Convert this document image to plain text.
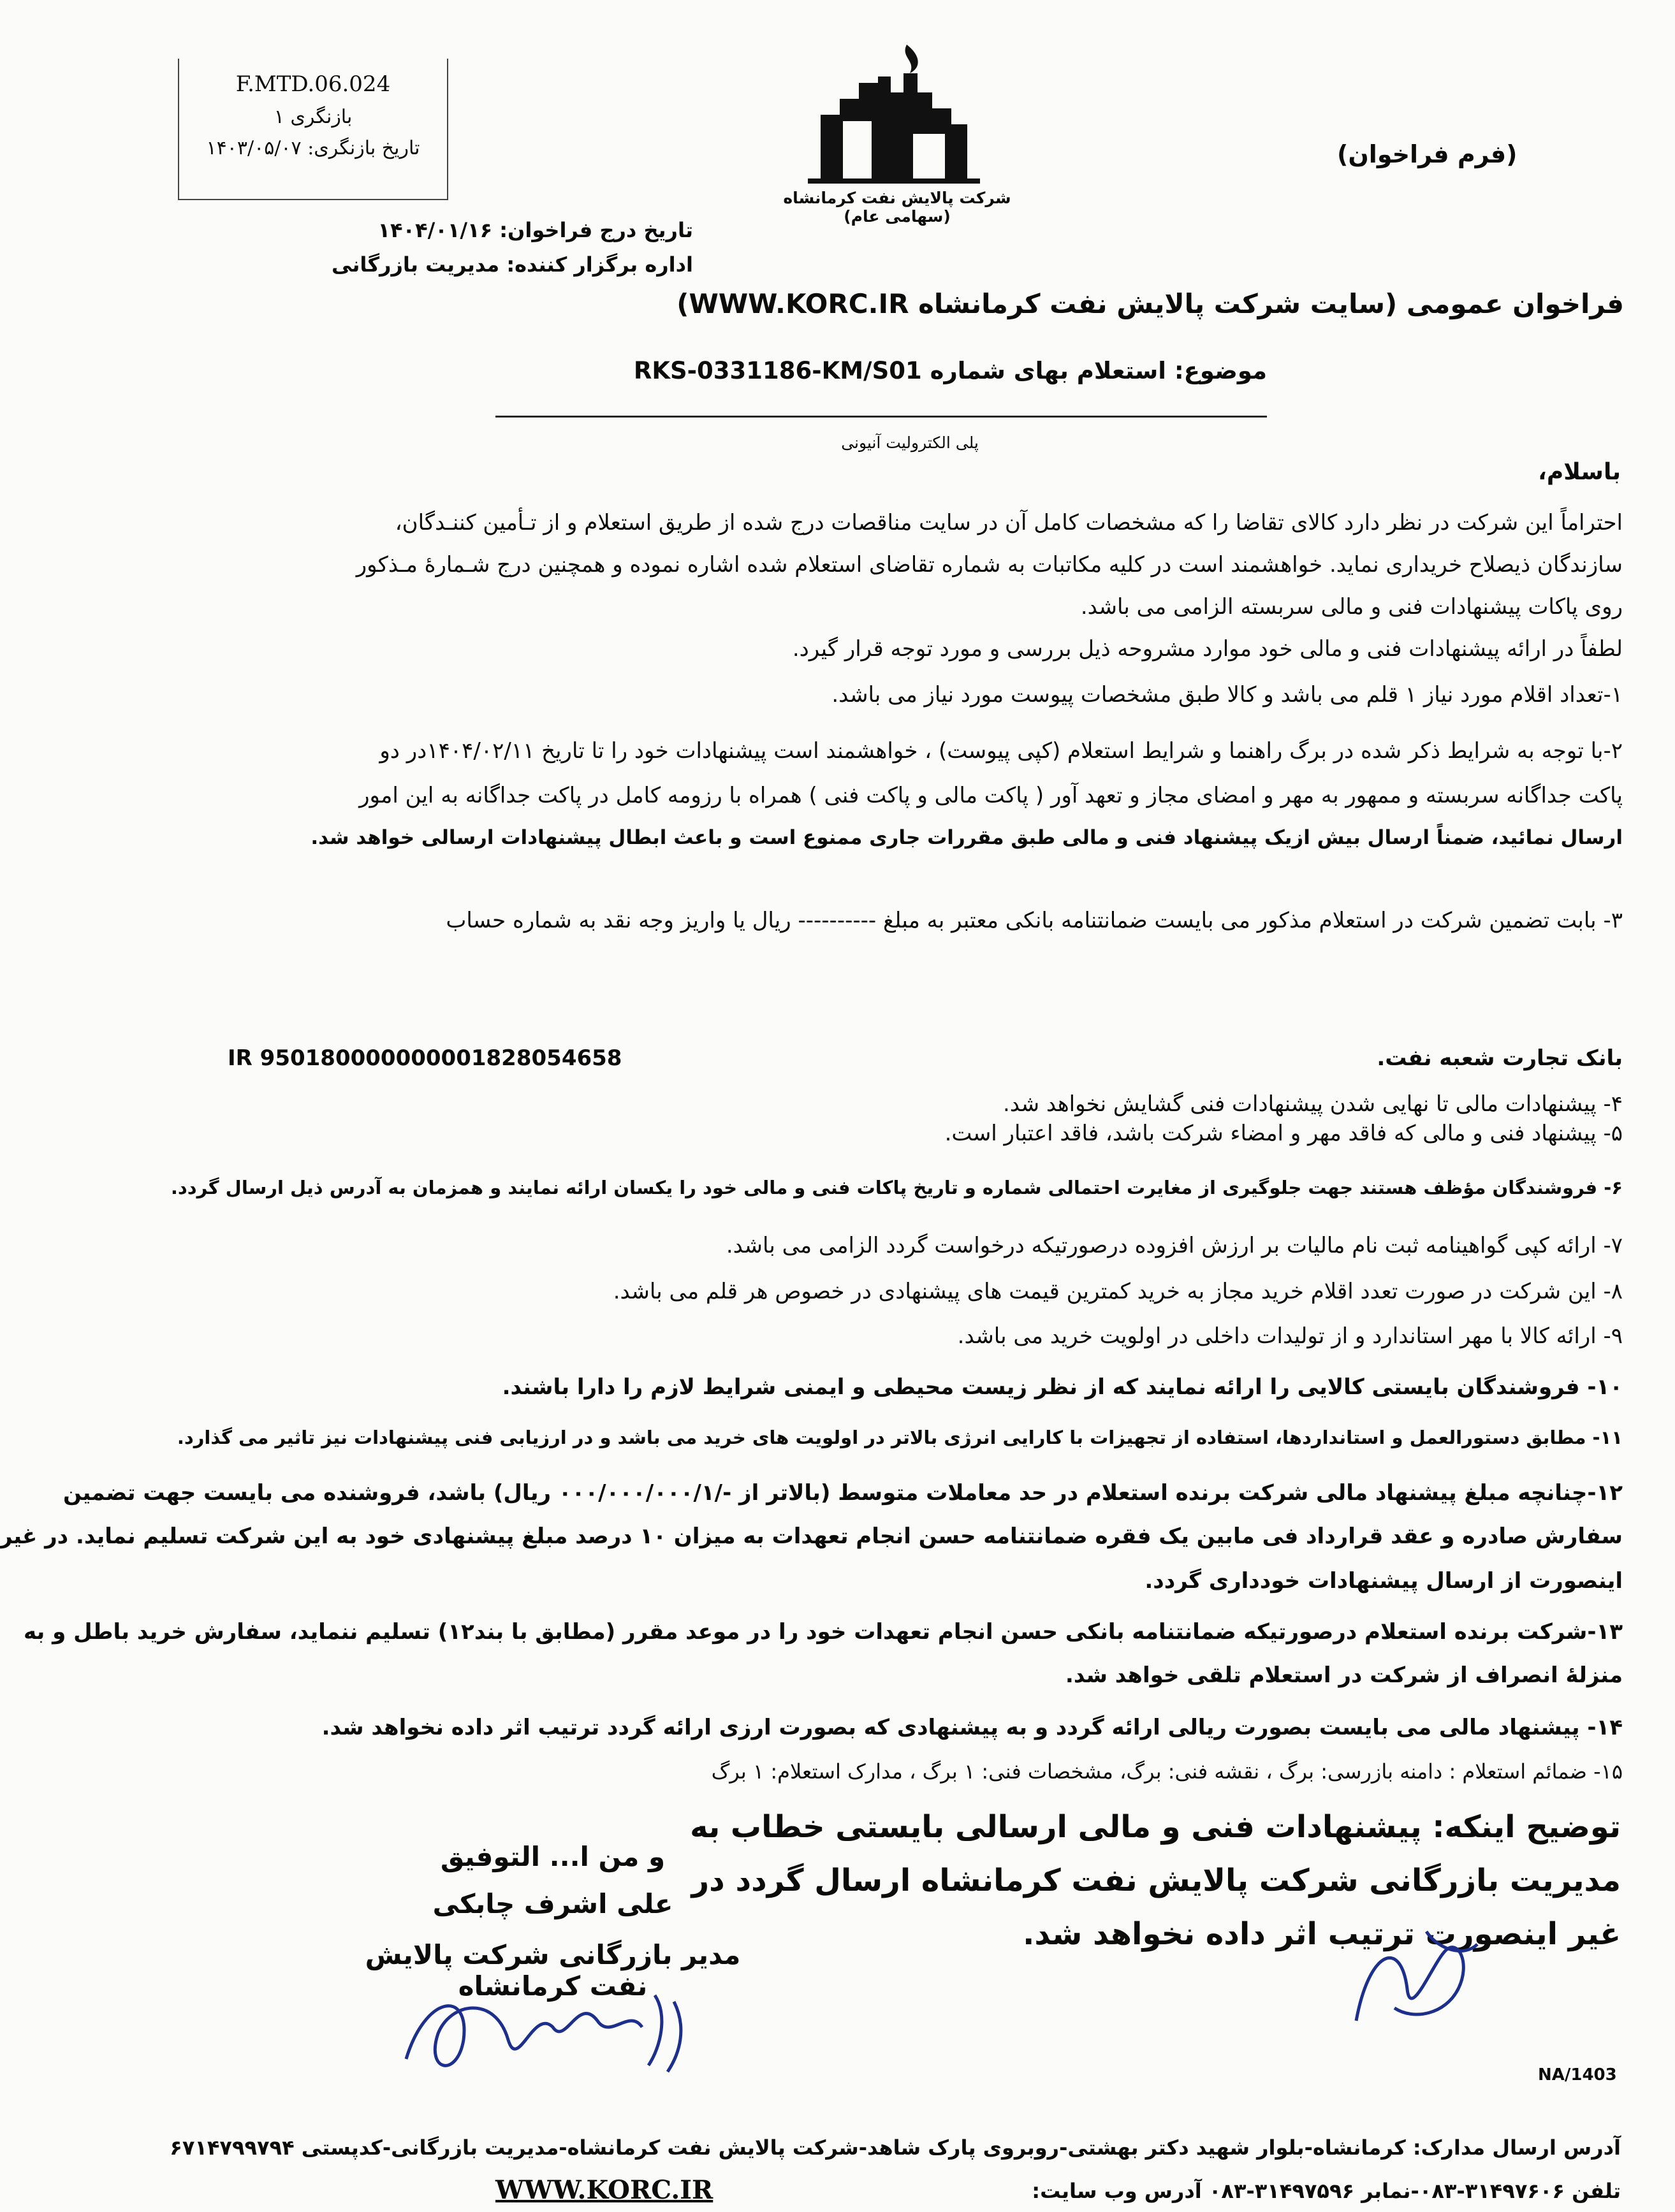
F.MTD.06.024
بازنگری ۱
تاریخ بازنگری: ۱۴۰۳/۰۵/۰۷
شرکت پالایش نفت کرمانشاه (سهامی عام)
(فرم فراخوان)
تاریخ درج فراخوان: ۱۴۰۴/۰۱/۱۶
اداره برگزار کننده: مدیریت بازرگانی
فراخوان عمومی (سایت شرکت پالایش نفت کرمانشاه WWW.KORC.IR)
موضوع: استعلام بهای شماره RKS-0331186-KM/S01
پلی الکترولیت آنیونی
باسلام،
احتراماً این شرکت در نظر دارد کالای تقاضا را که مشخصات کامل آن در سایت مناقصات درج شده از طریق استعلام و از تـأمین کننـدگان،
سازندگان ذیصلاح خریداری نماید. خواهشمند است در کلیه مکاتبات به شماره تقاضای استعلام شده اشاره نموده و همچنین درج شـمارۀ مـذکور
روی پاکات پیشنهادات فنی و مالی سربسته الزامی می باشد.
لطفاً در ارائه پیشنهادات فنی و مالی خود موارد مشروحه ذیل بررسی و مورد توجه قرار گیرد.
۱-تعداد اقلام مورد نیاز ۱ قلم می باشد و کالا طبق مشخصات پیوست مورد نیاز می باشد.
۲-با توجه به شرایط ذکر شده در برگ راهنما و شرایط استعلام (کپی پیوست) ، خواهشمند است پیشنهادات خود را تا تاریخ ۱۴۰۴/۰۲/۱۱در دو
پاکت جداگانه سربسته و ممهور به مهر و امضای مجاز و تعهد آور ( پاکت مالی و پاکت فنی ) همراه با رزومه کامل در پاکت جداگانه به این امور
ارسال نمائید، ضمناً ارسال بیش ازیک پیشنهاد فنی و مالی طبق مقررات جاری ممنوع است و باعث ابطال پیشنهادات ارسالی خواهد شد.
۳- بابت تضمین شرکت در استعلام مذکور می بایست ضمانتنامه بانکی معتبر به مبلغ ---------- ریال یا واریز وجه نقد به شماره حساب
IR 950180000000001828054658	بانک تجارت شعبه نفت.
۴- پیشنهادات مالی تا نهایی شدن پیشنهادات فنی گشایش نخواهد شد.
۵- پیشنهاد فنی و مالی که فاقد مهر و امضاء شرکت باشد، فاقد اعتبار است.
۶- فروشندگان مؤظف هستند جهت جلوگیری از مغایرت احتمالی شماره و تاریخ پاکات فنی و مالی خود را یکسان ارائه نمایند و همزمان به آدرس ذیل ارسال گردد.
۷- ارائه کپی گواهینامه ثبت نام مالیات بر ارزش افزوده درصورتیکه درخواست گردد الزامی می باشد.
۸- این شرکت در صورت تعدد اقلام خرید مجاز به خرید کمترین قیمت های پیشنهادی در خصوص هر قلم می باشد.
۹- ارائه کالا با مهر استاندارد و از تولیدات داخلی در اولویت خرید می باشد.
۱۰- فروشندگان بایستی کالایی را ارائه نمایند که از نظر زیست محیطی و ایمنی شرایط لازم را دارا باشند.
۱۱- مطابق دستورالعمل و استانداردها، استفاده از تجهیزات با کارایی انرژی بالاتر در اولویت های خرید می باشد و در ارزیابی فنی پیشنهادات نیز تاثیر می گذارد.
۱۲-چنانچه مبلغ پیشنهاد مالی شرکت برنده استعلام در حد معاملات متوسط (بالاتر از -/۰۰۰/۰۰۰/۰۰۰/۱ ریال) باشد، فروشنده می بایست جهت تضمین
سفارش صادره و عقد قرارداد فی مابین یک فقره ضمانتنامه حسن انجام تعهدات به میزان ۱۰ درصد مبلغ پیشنهادی خود به این شرکت تسلیم نماید. در غیر
اینصورت از ارسال پیشنهادات خودداری گردد.
۱۳-شرکت برنده استعلام درصورتیکه ضمانتنامه بانکی حسن انجام تعهدات خود را در موعد مقرر (مطابق با بند۱۲) تسلیم ننماید، سفارش خرید باطل و به
منزلۀ انصراف از شرکت در استعلام تلقی خواهد شد.
۱۴- پیشنهاد مالی می بایست بصورت ریالی ارائه گردد و به پیشنهادی که بصورت ارزی ارائه گردد ترتیب اثر داده نخواهد شد.
۱۵- ضمائم استعلام : دامنه بازرسی: برگ ، نقشه فنی: برگ، مشخصات فنی: ۱ برگ ، مدارک استعلام: ۱ برگ
توضیح اینکه: پیشنهادات فنی و مالی ارسالی بایستی خطاب به
مدیریت بازرگانی شرکت پالایش نفت کرمانشاه ارسال گردد در
غیر اینصورت ترتیب اثر داده نخواهد شد.
و من ا... التوفیق
علی اشرف چابکی
مدیر بازرگانی شرکت پالایش نفت کرمانشاه
NA/1403
آدرس ارسال مدارک: کرمانشاه-بلوار شهید دکتر بهشتی-روبروی پارک شاهد-شرکت پالایش نفت کرمانشاه-مدیریت بازرگانی-کدپستی ۶۷۱۴۷۹۹۷۹۴
تلفن ۳۱۴۹۷۶۰۶-۰۸۳-نمابر ۳۱۴۹۷۵۹۶-۰۸۳ آدرس وب سایت:
WWW.KORC.IR
